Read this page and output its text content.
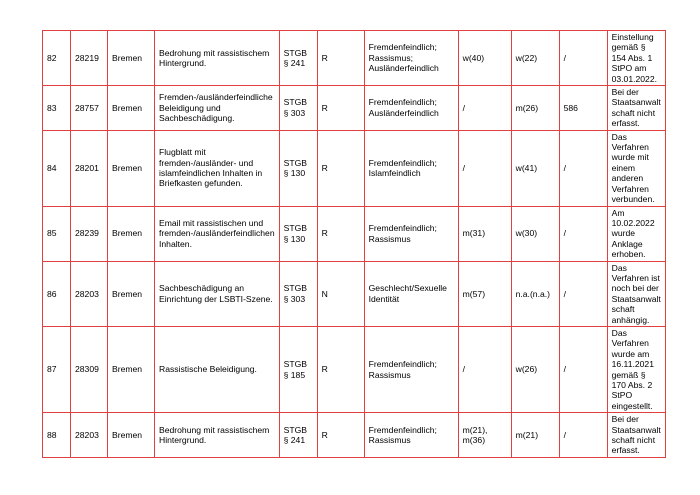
82	28219	Bremen	Bedrohung mit rassistischem Hintergrund.	STGB § 241	R	Fremdenfeindlich; Rassismus; Ausländerfeindlich	w(40)	w(22)	/	Einstellung gemäß § 154 Abs. 1 StPO am 03.01.2022.
83	28757	Bremen	Fremden-/ausländerfeindliche Beleidigung und Sachbeschädigung.	STGB § 303	R	Fremdenfeindlich; Ausländerfeindlich	/	m(26)	586	Bei der Staatsanwalt schaft nicht erfasst.
84	28201	Bremen	Flugblatt mit fremden-/ausländer- und islamfeindlichen Inhalten in Briefkasten gefunden.	STGB § 130	R	Fremdenfeindlich; Islamfeindlich	/	w(41)	/	Das Verfahren wurde mit einem anderen Verfahren verbunden.
85	28239	Bremen	Email mit rassistischen und fremden-/ausländerfeindlichen Inhalten.	STGB § 130	R	Fremdenfeindlich; Rassismus	m(31)	w(30)	/	Am 10.02.2022 wurde Anklage erhoben.
86	28203	Bremen	Sachbeschädigung an Einrichtung der LSBTI-Szene.	STGB § 303	N	Geschlecht/Sexuelle Identität	m(57)	n.a.(n.a.)	/	Das Verfahren ist noch bei der Staatsanwalt schaft anhängig.
87	28309	Bremen	Rassistische Beleidigung.	STGB § 185	R	Fremdenfeindlich; Rassismus	/	w(26)	/	Das Verfahren wurde am 16.11.2021 gemäß § 170 Abs. 2 StPO eingestellt.
88	28203	Bremen	Bedrohung mit rassistischem Hintergrund.	STGB § 241	R	Fremdenfeindlich; Rassismus	m(21), m(36)	m(21)	/	Bei der Staatsanwalt schaft nicht erfasst.
